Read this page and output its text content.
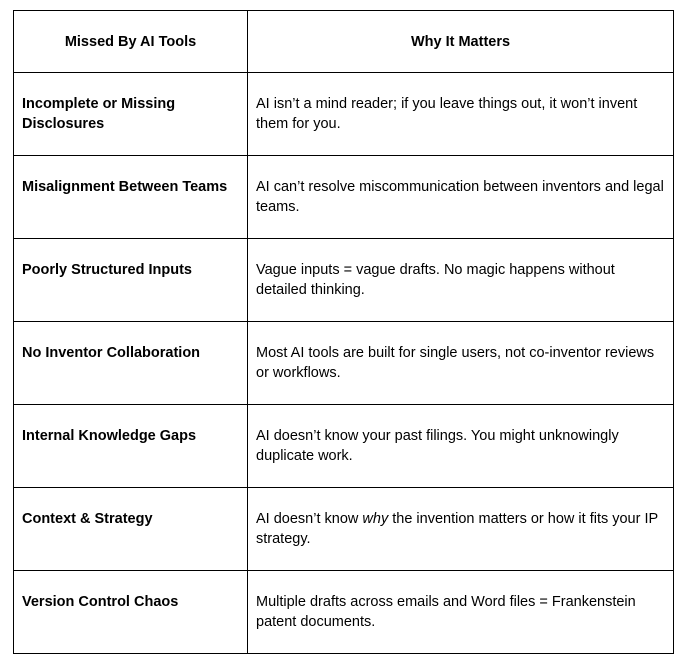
Missed By AI Tools	Why It Matters
Incomplete or Missing Disclosures	AI isn’t a mind reader; if you leave things out, it won’t invent them for you.
Misalignment Between Teams	AI can’t resolve miscommunication between inventors and legal teams.
Poorly Structured Inputs	Vague inputs = vague drafts. No magic happens without detailed thinking.
No Inventor Collaboration	Most AI tools are built for single users, not co-inventor reviews or workflows.
Internal Knowledge Gaps	AI doesn’t know your past filings. You might unknowingly duplicate work.
Context & Strategy	AI doesn’t know why the invention matters or how it fits your IP strategy.
Version Control Chaos	Multiple drafts across emails and Word files = Frankenstein patent documents.
